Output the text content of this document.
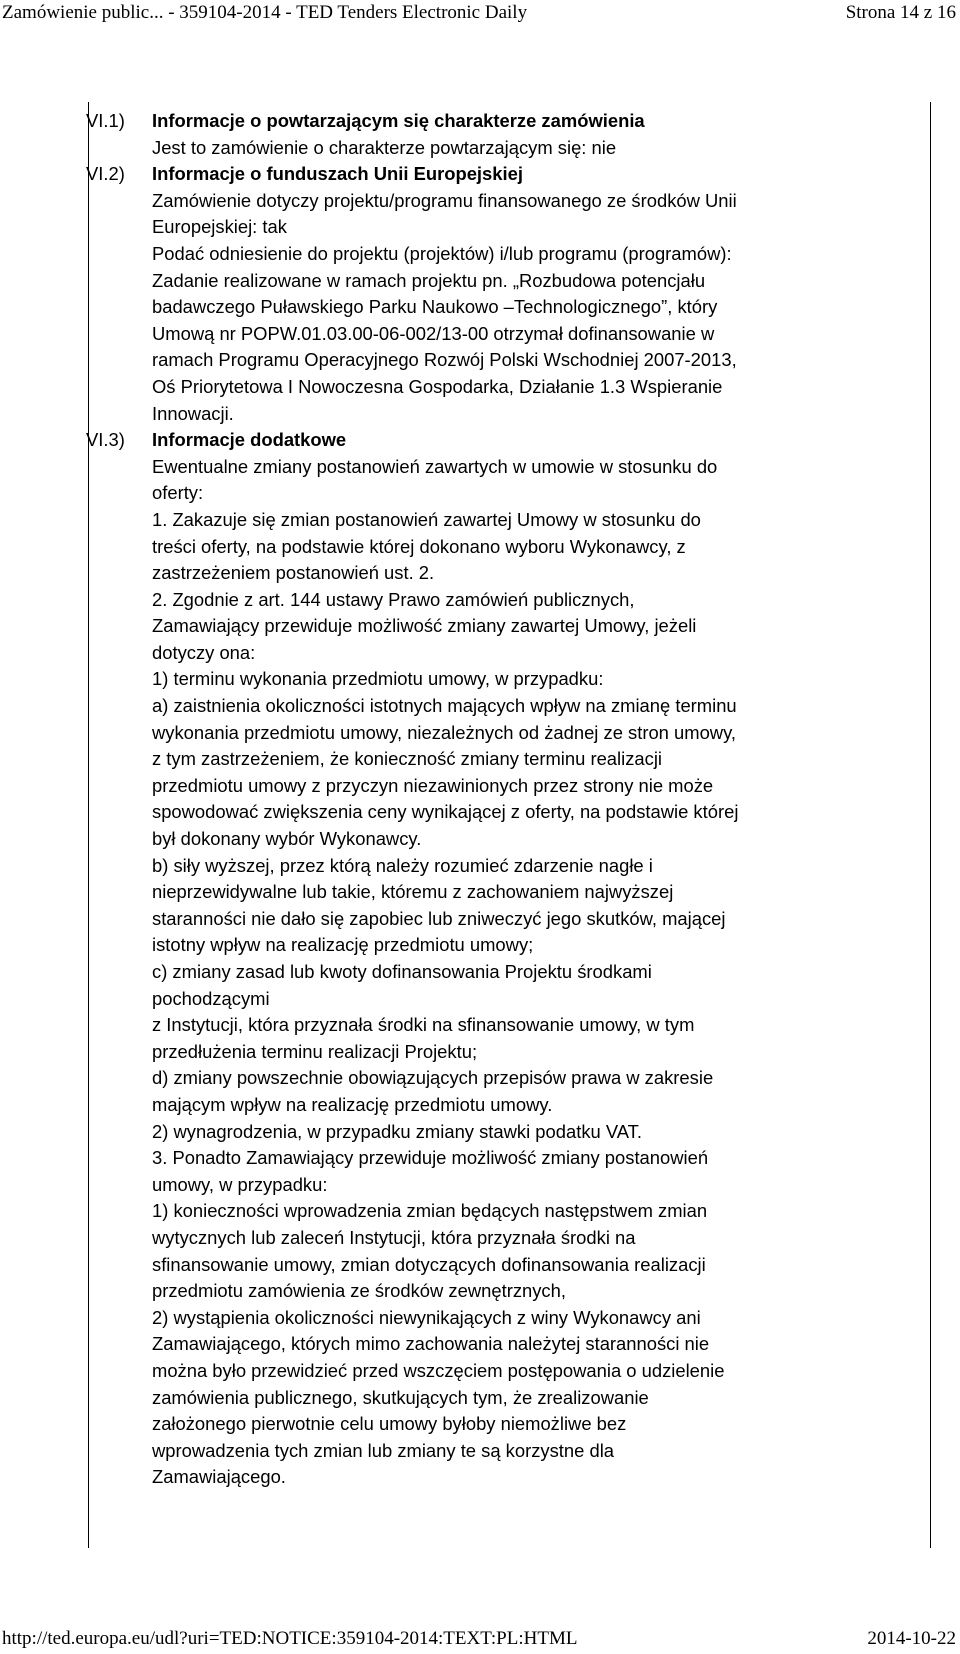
Zamówienie public... - 359104-2014 - TED Tenders Electronic Daily	Strona 14 z 16
VI.1) Informacje o powtarzającym się charakterze zamówienia
Jest to zamówienie o charakterze powtarzającym się: nie
VI.2) Informacje o funduszach Unii Europejskiej
Zamówienie dotyczy projektu/programu finansowanego ze środków Unii
Europejskiej: tak
Podać odniesienie do projektu (projektów) i/lub programu (programów):
Zadanie realizowane w ramach projektu pn. „Rozbudowa potencjału
badawczego Puławskiego Parku Naukowo –Technologicznego”, który
Umową nr POPW.01.03.00-06-002/13-00 otrzymał dofinansowanie w
ramach Programu Operacyjnego Rozwój Polski Wschodniej 2007-2013,
Oś Priorytetowa I Nowoczesna Gospodarka, Działanie 1.3 Wspieranie
Innowacji.
VI.3) Informacje dodatkowe
Ewentualne zmiany postanowień zawartych w umowie w stosunku do
oferty:
1. Zakazuje się zmian postanowień zawartej Umowy w stosunku do
treści oferty, na podstawie której dokonano wyboru Wykonawcy, z
zastrzeżeniem postanowień ust. 2.
2. Zgodnie z art. 144 ustawy Prawo zamówień publicznych,
Zamawiający przewiduje możliwość zmiany zawartej Umowy, jeżeli
dotyczy ona:
1) terminu wykonania przedmiotu umowy, w przypadku:
a) zaistnienia okoliczności istotnych mających wpływ na zmianę terminu
wykonania przedmiotu umowy, niezależnych od żadnej ze stron umowy,
z tym zastrzeżeniem, że konieczność zmiany terminu realizacji
przedmiotu umowy z przyczyn niezawinionych przez strony nie może
spowodować zwiększenia ceny wynikającej z oferty, na podstawie której
był dokonany wybór Wykonawcy.
b) siły wyższej, przez którą należy rozumieć zdarzenie nagłe i
nieprzewidywalne lub takie, któremu z zachowaniem najwyższej
staranności nie dało się zapobiec lub zniweczyć jego skutków, mającej
istotny wpływ na realizację przedmiotu umowy;
c) zmiany zasad lub kwoty dofinansowania Projektu środkami
pochodzącymi
z Instytucji, która przyznała środki na sfinansowanie umowy, w tym
przedłużenia terminu realizacji Projektu;
d) zmiany powszechnie obowiązujących przepisów prawa w zakresie
mającym wpływ na realizację przedmiotu umowy.
2) wynagrodzenia, w przypadku zmiany stawki podatku VAT.
3. Ponadto Zamawiający przewiduje możliwość zmiany postanowień
umowy, w przypadku:
1) konieczności wprowadzenia zmian będących następstwem zmian
wytycznych lub zaleceń Instytucji, która przyznała środki na
sfinansowanie umowy, zmian dotyczących dofinansowania realizacji
przedmiotu zamówienia ze środków zewnętrznych,
2) wystąpienia okoliczności niewynikających z winy Wykonawcy ani
Zamawiającego, których mimo zachowania należytej staranności nie
można było przewidzieć przed wszczęciem postępowania o udzielenie
zamówienia publicznego, skutkujących tym, że zrealizowanie
założonego pierwotnie celu umowy byłoby niemożliwe bez
wprowadzenia tych zmian lub zmiany te są korzystne dla
Zamawiającego.
http://ted.europa.eu/udl?uri=TED:NOTICE:359104-2014:TEXT:PL:HTML	2014-10-22
